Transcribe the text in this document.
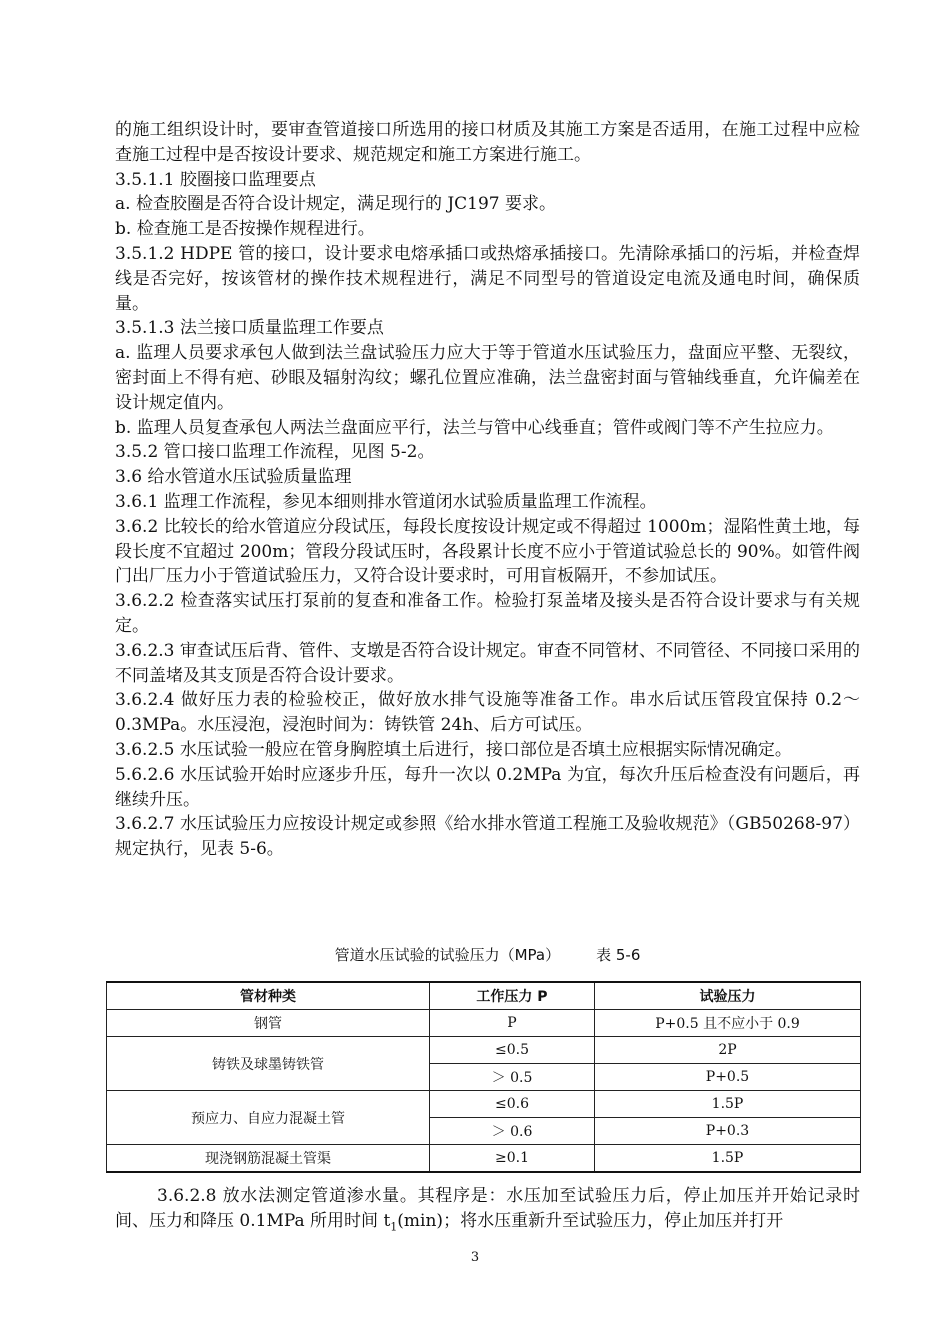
的施工组织设计时，要审查管道接口所选用的接口材质及其施工方案是否适用，在施工过程中应检查施工过程中是否按设计要求、规范规定和施工方案进行施工。

3.5.1.1 胶圈接口监理要点

a. 检查胶圈是否符合设计规定，满足现行的 JC197 要求。

b. 检查施工是否按操作规程进行。

3.5.1.2 HDPE 管的接口，设计要求电熔承插口或热熔承插接口。先清除承插口的污垢，并检查焊线是否完好，按该管材的操作技术规程进行，满足不同型号的管道设定电流及通电时间，确保质量。

3.5.1.3 法兰接口质量监理工作要点

a. 监理人员要求承包人做到法兰盘试验压力应大于等于管道水压试验压力，盘面应平整、无裂纹，密封面上不得有疤、砂眼及辐射沟纹；螺孔位置应准确，法兰盘密封面与管轴线垂直，允许偏差在设计规定值内。

b. 监理人员复查承包人两法兰盘面应平行，法兰与管中心线垂直；管件或阀门等不产生拉应力。

3.5.2 管口接口监理工作流程，见图 5-2。

3.6 给水管道水压试验质量监理

3.6.1 监理工作流程，参见本细则排水管道闭水试验质量监理工作流程。

3.6.2 比较长的给水管道应分段试压，每段长度按设计规定或不得超过 1000m；湿陷性黄土地，每段长度不宜超过 200m；管段分段试压时，各段累计长度不应小于管道试验总长的 90%。如管件阀门出厂压力小于管道试验压力，又符合设计要求时，可用盲板隔开，不参加试压。

3.6.2.2 检查落实试压打泵前的复查和准备工作。检验打泵盖堵及接头是否符合设计要求与有关规定。

3.6.2.3 审查试压后背、管件、支墩是否符合设计规定。审查不同管材、不同管径、不同接口采用的不同盖堵及其支顶是否符合设计要求。

3.6.2.4 做好压力表的检验校正，做好放水排气设施等准备工作。串水后试压管段宜保持 0.2～0.3MPa。水压浸泡，浸泡时间为：铸铁管 24h、后方可试压。

3.6.2.5 水压试验一般应在管身胸腔填土后进行，接口部位是否填土应根据实际情况确定。

5.6.2.6 水压试验开始时应逐步升压，每升一次以 0.2MPa 为宜，每次升压后检查没有问题后，再继续升压。

3.6.2.7 水压试验压力应按设计规定或参照《给水排水管道工程施工及验收规范》（GB50268-97）规定执行，见表 5-6。

管道水压试验的试验压力（MPa） 表 5-6
管材种类	工作压力 P	试验压力
钢管	P	P+0.5 且不应小于 0.9
铸铁及球墨铸铁管	≤0.5	2P
	＞ 0.5	P+0.5
预应力、自应力混凝土管	≤0.6	1.5P
	＞ 0.6	P+0.3
现浇钢筋混凝土管渠	≥0.1	1.5P

3.6.2.8 放水法测定管道渗水量。其程序是：水压加至试验压力后，停止加压并开始记录时间、压力和降压 0.1MPa 所用时间 $t_1(\min)$；将水压重新升至试验压力，停止加压并打开

3
